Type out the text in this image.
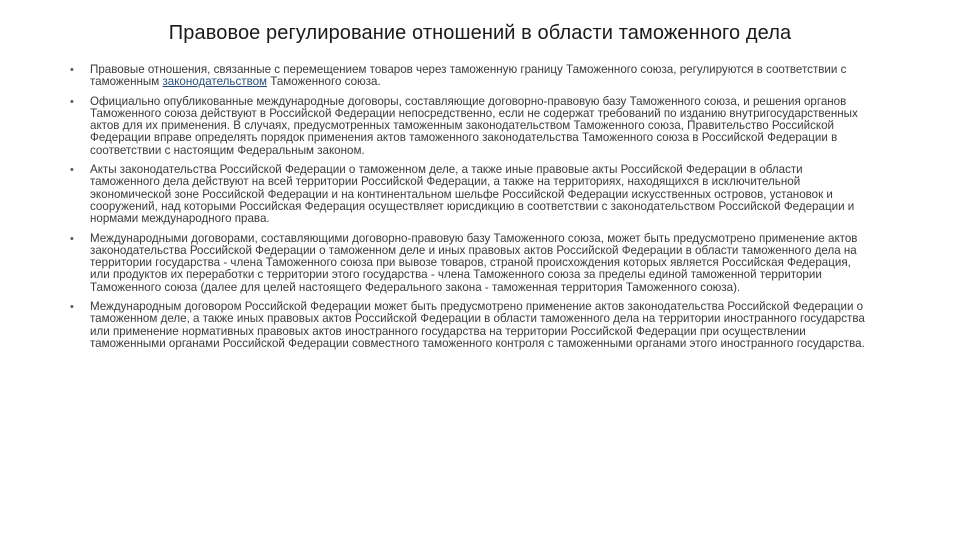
Правовое регулирование отношений в области таможенного дела
• Правовые отношения, связанные с перемещением товаров через таможенную границу Таможенного союза, регулируются в соответствии с таможенным законодательством Таможенного союза.
• Официально опубликованные международные договоры, составляющие договорно-правовую базу Таможенного союза, и решения органов Таможенного союза действуют в Российской Федерации непосредственно, если не содержат требований по изданию внутригосударственных актов для их применения. В случаях, предусмотренных таможенным законодательством Таможенного союза, Правительство Российской Федерации вправе определять порядок применения актов таможенного законодательства Таможенного союза в Российской Федерации в соответствии с настоящим Федеральным законом.
• Акты законодательства Российской Федерации о таможенном деле, а также иные правовые акты Российской Федерации в области таможенного дела действуют на всей территории Российской Федерации, а также на территориях, находящихся в исключительной экономической зоне Российской Федерации и на континентальном шельфе Российской Федерации искусственных островов, установок и сооружений, над которыми Российская Федерация осуществляет юрисдикцию в соответствии с законодательством Российской Федерации и нормами международного права.
• Международными договорами, составляющими договорно-правовую базу Таможенного союза, может быть предусмотрено применение актов законодательства Российской Федерации о таможенном деле и иных правовых актов Российской Федерации в области таможенного дела на территории государства - члена Таможенного союза при вывозе товаров, страной происхождения которых является Российская Федерация, или продуктов их переработки с территории этого государства - члена Таможенного союза за пределы единой таможенной территории Таможенного союза (далее для целей настоящего Федерального закона - таможенная территория Таможенного союза).
• Международным договором Российской Федерации может быть предусмотрено применение актов законодательства Российской Федерации о таможенном деле, а также иных правовых актов Российской Федерации в области таможенного дела на территории иностранного государства или применение нормативных правовых актов иностранного государства на территории Российской Федерации при осуществлении таможенными органами Российской Федерации совместного таможенного контроля с таможенными органами этого иностранного государства.
